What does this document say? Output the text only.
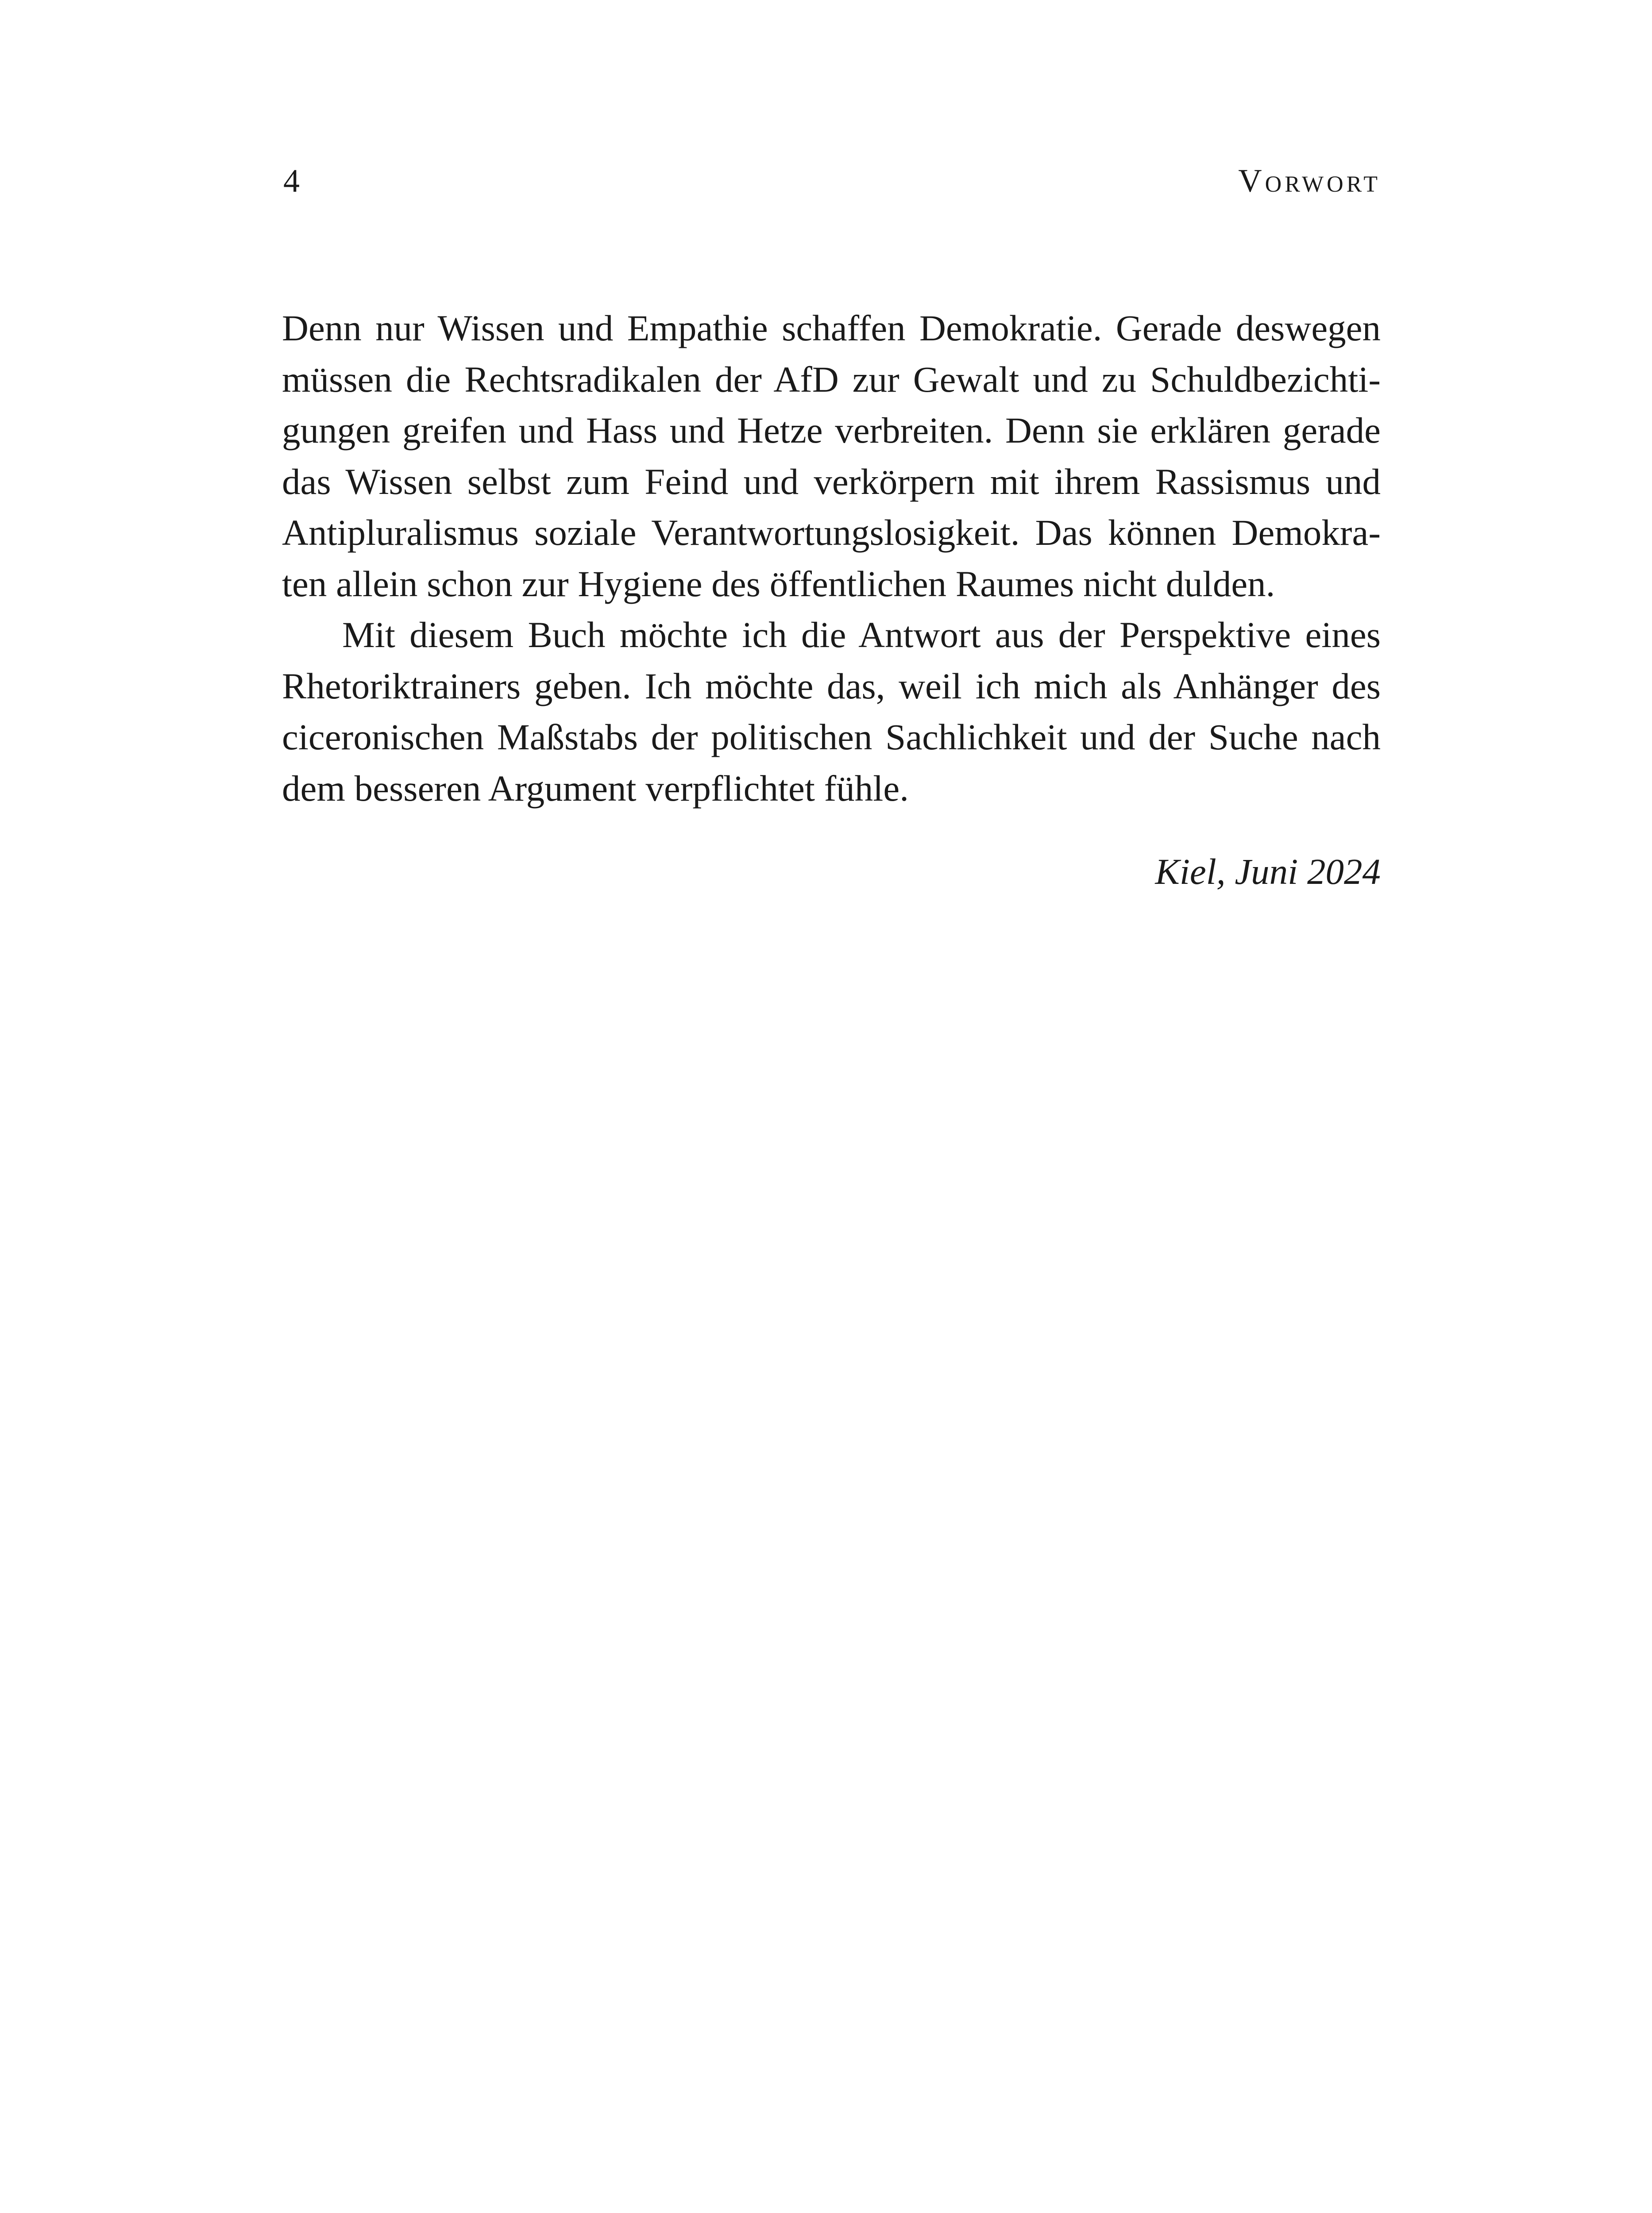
4	Vorwort
Denn nur Wissen und Empathie schaffen Demokratie. Gerade deswegen
müssen die Rechtsradikalen der AfD zur Gewalt und zu Schuldbezichti-
gungen greifen und Hass und Hetze verbreiten. Denn sie erklären gerade
das Wissen selbst zum Feind und verkörpern mit ihrem Rassismus und
Antipluralismus soziale Verantwortungslosigkeit. Das können Demokra-
ten allein schon zur Hygiene des öffentlichen Raumes nicht dulden.
Mit diesem Buch möchte ich die Antwort aus der Perspektive eines
Rhetoriktrainers geben. Ich möchte das, weil ich mich als Anhänger des
ciceronischen Maßstabs der politischen Sachlichkeit und der Suche nach
dem besseren Argument verpflichtet fühle.
Kiel, Juni 2024
